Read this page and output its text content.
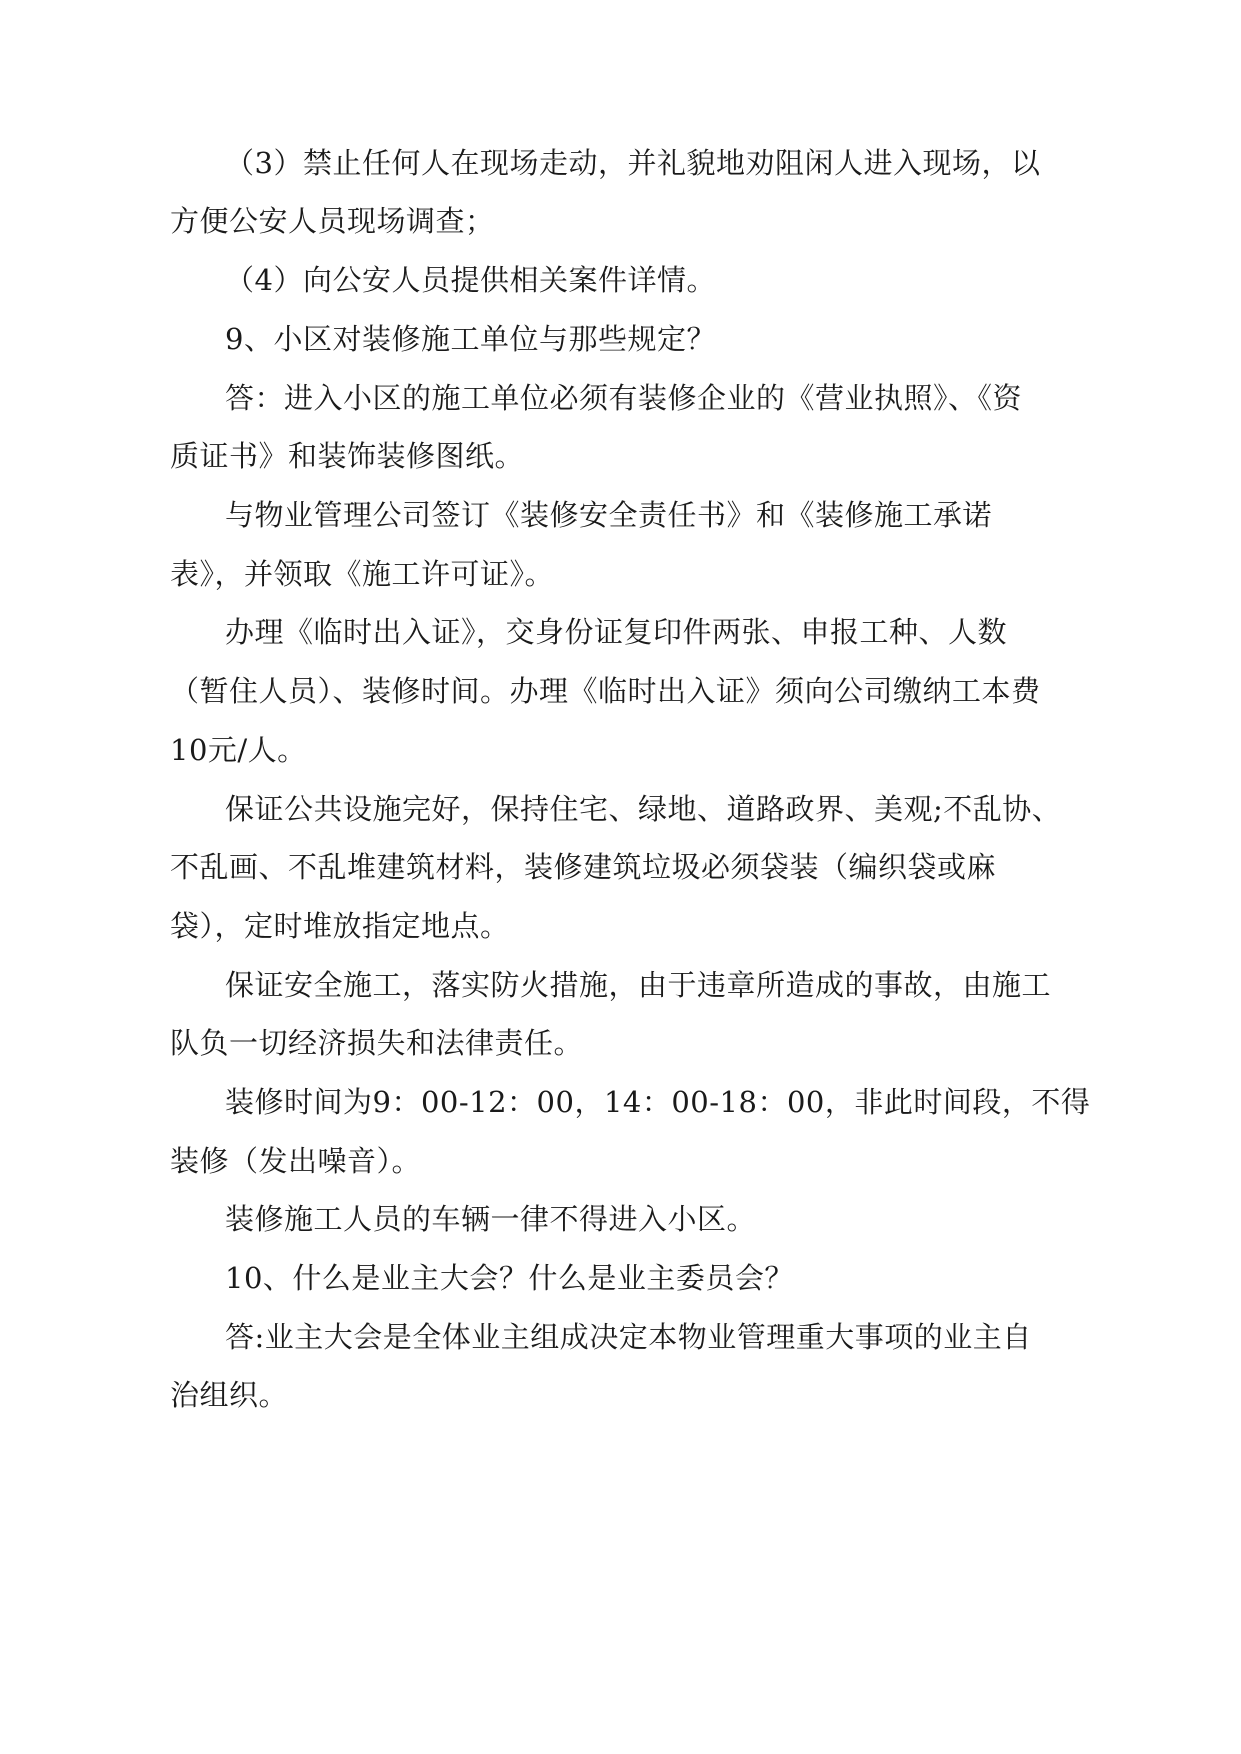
（3）禁止任何人在现场走动，并礼貌地劝阻闲人进入现场，以
方便公安人员现场调查；
（4）向公安人员提供相关案件详情。
9、小区对装修施工单位与那些规定？
答：进入小区的施工单位必须有装修企业的《营业执照》、《资
质证书》和装饰装修图纸。
与物业管理公司签订《装修安全责任书》和《装修施工承诺
表》，并领取《施工许可证》。
办理《临时出入证》，交身份证复印件两张、申报工种、人数
（暂住人员）、装修时间。办理《临时出入证》须向公司缴纳工本费
10元/人。
保证公共设施完好，保持住宅、绿地、道路政界、美观;不乱协、
不乱画、不乱堆建筑材料，装修建筑垃圾必须袋装（编织袋或麻
袋），定时堆放指定地点。
保证安全施工，落实防火措施，由于违章所造成的事故，由施工
队负一切经济损失和法律责任。
装修时间为9：00-12：00，14：00-18：00，非此时间段，不得
装修（发出噪音）。
装修施工人员的车辆一律不得进入小区。
10、什么是业主大会？什么是业主委员会？
答:业主大会是全体业主组成决定本物业管理重大事项的业主自
治组织。
